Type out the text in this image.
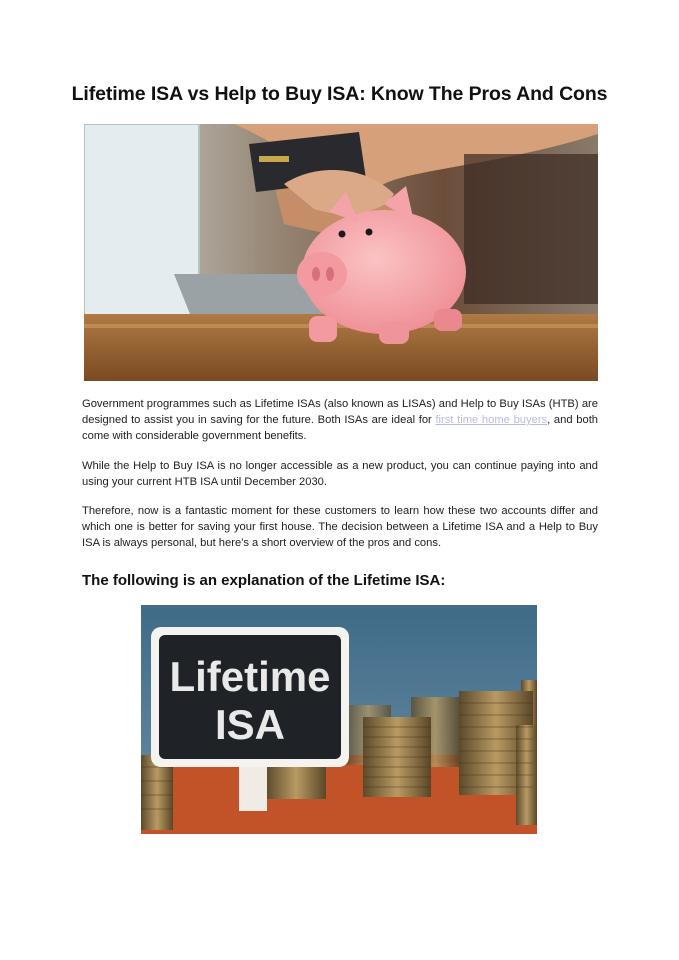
Lifetime ISA vs Help to Buy ISA: Know The Pros And Cons

Government programmes such as Lifetime ISAs (also known as LISAs) and Help to Buy ISAs (HTB) are designed to assist you in saving for the future. Both ISAs are ideal for first time home buyers, and both come with considerable government benefits.

While the Help to Buy ISA is no longer accessible as a new product, you can continue paying into and using your current HTB ISA until December 2030.

Therefore, now is a fantastic moment for these customers to learn how these two accounts differ and which one is better for saving your first house. The decision between a Lifetime ISA and a Help to Buy ISA is always personal, but here's a short overview of the pros and cons.

The following is an explanation of the Lifetime ISA:
Lifetime
ISA
